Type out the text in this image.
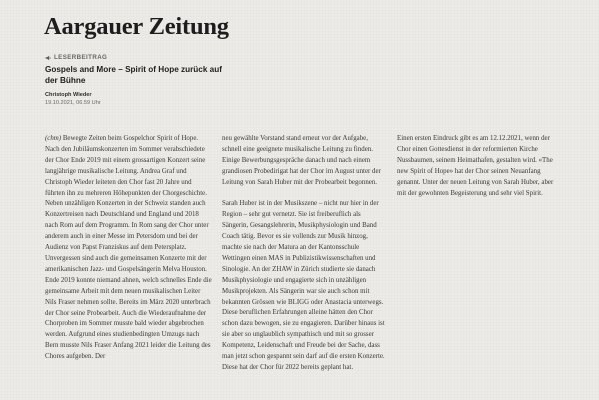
Aargauer Zeitung
LESERBEITRAG
Gospels and More – Spirit of Hope zurück auf der Bühne
Christoph Wieder
19.10.2021, 06.59 Uhr

(chm) Bewegte Zeiten beim Gospelchor Spirit of Hope. Nach den Jubiläumskonzerten im Sommer verabschiedete der Chor Ende 2019 mit einem grossartigen Konzert seine langjährige musikalische Leitung. Andrea Graf und Christoph Wieder leiteten den Chor fast 20 Jahre und führten ihn zu mehreren Höhepunkten der Chorgeschichte. Neben unzähligen Konzerten in der Schweiz standen auch Konzertreisen nach Deutschland und England und 2018 nach Rom auf dem Programm. In Rom sang der Chor unter anderem auch in einer Messe im Petersdom und bei der Audienz von Papst Franziskus auf dem Petersplatz. Unvergessen sind auch die gemeinsamen Konzerte mit der amerikanischen Jazz- und Gospelsängerin Melva Houston. Ende 2019 konnte niemand ahnen, welch schnelles Ende die gemeinsame Arbeit mit dem neuen musikalischen Leiter Nils Fraser nehmen sollte. Bereits im März 2020 unterbrach der Chor seine Probearbeit. Auch die Wiederaufnahme der Chorproben im Sommer musste bald wieder abgebrochen werden. Aufgrund eines studienbedingten Umzugs nach Bern musste Nils Fraser Anfang 2021 leider die Leitung des Chores aufgeben. Der

neu gewählte Vorstand stand erneut vor der Aufgabe, schnell eine geeignete musikalische Leitung zu finden. Einige Bewerbungsgespräche danach und nach einem grandiosen Probedirigat hat der Chor im August unter der Leitung von Sarah Huber mit der Probearbeit begonnen.

Sarah Huber ist in der Musikszene – nicht nur hier in der Region – sehr gut vernetzt. Sie ist freiberuflich als Sängerin, Gesangslehrerin, Musikphysiologin und Band Coach tätig. Bevor es sie vollends zur Musik hinzog, machte sie nach der Matura an der Kantonsschule Wettingen einen MAS in Publizistikwissenschaften und Sinologie. An der ZHAW in Zürich studierte sie danach Musikphysiologie und engagierte sich in unzähligen Musikprojekten. Als Sängerin war sie auch schon mit bekannten Grössen wie BLIGG oder Anastacia unterwegs. Diese beruflichen Erfahrungen alleine hätten den Chor schon dazu bewogen, sie zu engagieren. Darüber hinaus ist sie aber so unglaublich sympathisch und mit so grosser Kompetenz, Leidenschaft und Freude bei der Sache, dass man jetzt schon gespannt sein darf auf die ersten Konzerte. Diese hat der Chor für 2022 bereits geplant hat.

Einen ersten Eindruck gibt es am 12.12.2021, wenn der Chor einen Gottesdienst in der reformierten Kirche Nussbaumen, seinem Heimathafen, gestalten wird. «The new Spirit of Hope» hat der Chor seinen Neuanfang genannt. Unter der neuen Leitung von Sarah Huber, aber mit der gewohnten Begeisterung und sehr viel Spirit.
